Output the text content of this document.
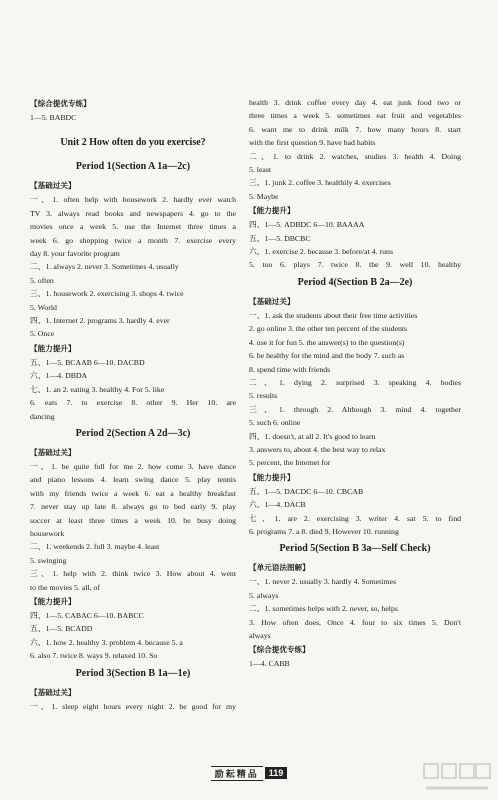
【综合提优专练】
1—5. BABDC
Unit 2 How often do you exercise?
Period 1(Section A 1a—2c)
【基础过关】
一、1. often help with housework 2. hardly ever watch
TV 3. always read books and newspapers 4. go to the
movies once a week 5. use the Internet three times a
week 6. go shopping twice a month 7. exercise every
day 8. your favorite program
二、1. always 2. never 3. Sometimes 4. usually
5. often
三、1. housework 2. exercising 3. shops 4. twice
5. World
四、1. Internet 2. programs 3. hardly 4. ever
5. Once
【能力提升】
五、1—5. BCAAB 6—10. DACBD
六、1—4. DBDA
七、1. an 2. eating 3. healthy 4. For 5. like
6. eats 7. to exercise 8. other 9. Her 10. are
dancing
Period 2(Section A 2d—3c)
【基础过关】
一、1. be quite full for me 2. how come 3. have dance
and piano lessons 4. learn swing dance 5. play tennis
with my friends twice a week 6. eat a healthy breakfast
7. never stay up late 8. always go to bed early 9. play
soccer at least three times a week 10. be busy doing
housework
二、1. weekends 2. full 3. maybe 4. least
5. swinging
三、1. help with 2. think twice 3. How about 4. went
to the movies 5. all, of
【能力提升】
四、1—5. CABAC 6—10. BABCC
五、1—5. BCADD
六、1. how 2. healthy 3. problem 4. because 5. a
6. also 7. twice 8. ways 9. relaxed 10. So
Period 3(Section B 1a—1e)
【基础过关】
一、1. sleep eight hours every night 2. be good for my
health 3. drink coffee every day 4. eat junk food two or
three times a week 5. sometimes eat fruit and vegetables
6. want me to drink milk 7. how many hours 8. start
with the first question 9. have bad habits
二、1. to drink 2. watches, studies 3. health 4. Doing
5. least
三、1. junk 2. coffee 3. healthily 4. exercises
5. Maybe
【能力提升】
四、1—5. ADBDC 6—10. BAAAA
五、1—5. DBCBC
六、1. exercise 2. because 3. before/at 4. runs
5. too 6. plays 7. twice 8. the 9. well 10. healthy
Period 4(Section B 2a—2e)
【基础过关】
一、1. ask the students about their free time activities
2. go online 3. the other ten percent of the students
4. use it for fun 5. the answer(s) to the question(s)
6. be healthy for the mind and the body 7. such as
8. spend time with friends
二、1. dying 2. surprised 3. speaking 4. bodies
5. results
三、1. through 2. Although 3. mind 4. together
5. such 6. online
四、1. doesn't, at all 2. It's good to learn
3. answers to, about 4. the best way to relax
5. percent, the Internet for
【能力提升】
五、1—5. DACDC 6—10. CBCAB
六、1—4. DACB
七、1. are 2. exercising 3. writer 4. sat 5. to find
6. programs 7. a 8. died 9. However 10. running
Period 5(Section B 3a—Self Check)
【单元语法图解】
一、1. never 2. usually 3. hardly 4. Sometimes
5. always
二、1. sometimes helps with 2. never, so, helps
3. How often does, Once 4. four to six times 5. Don't
always
【综合提优专练】
1—4. CABB
励耘精品	119
